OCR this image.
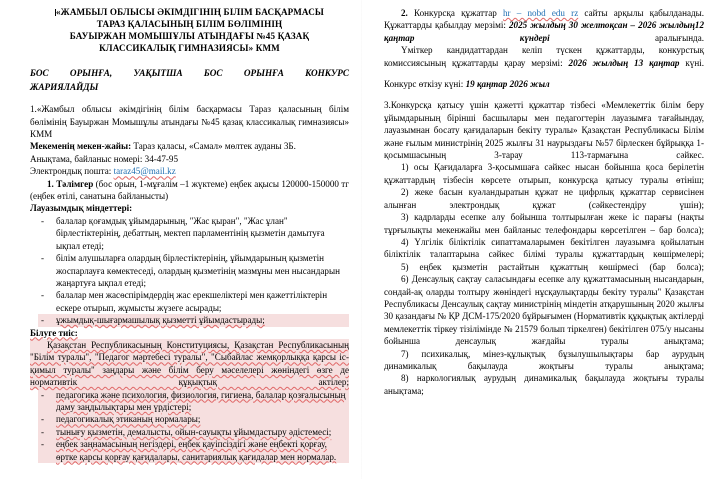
«ЖАМБЫЛ ОБЛЫСЫ ӘКІМДІГІНІҢ БІЛІМ БАСҚАРМАСЫ
ТАРАЗ ҚАЛАСЫНЫҢ БІЛІМ БӨЛІМІНІҢ
БАУЫРЖАН МОМЫШҰЛЫ АТЫНДАҒЫ №45 ҚАЗАҚ
КЛАССИКАЛЫҚ ГИМНАЗИЯСЫ» КММ
БОС ОРЫНҒА, УАҚЫТША БОС ОРЫНҒА КОНКУРС
ЖАРИЯЛАЙДЫ

1.«Жамбыл облысы әкімдігінің білім басқармасы Тараз қаласының білім бөлімінің Бауыржан Момышұлы атындағы №45 қазақ классикалық гимназиясы» КММ

Мекеменің мекен-жайы: Тараз қаласы, «Самал» мөлтек ауданы 3Б.

Анықтама, байланыс номері: 34-47-95

Электрондық пошта: taraz45@mail.kz

1. Тәлімгер (бос орын, 1-мұғалім –1 жүктеме) еңбек ақысы 120000-150000 тг (еңбек өтілі, санатына байланысты)

Лауазымдық міндеттері:

- балалар қоғамдық ұйымдарының, "Жас қыран", "Жас ұлан" бірлестіктерінің, дебаттың, мектеп парламентінің қызметін дамытуға ықпал етеді;
- білім алушыларға олардың бірлестіктерінің, ұйымдарының қызметін жоспарлауға көмектеседі, олардың қызметінің мазмұны мен нысандарын жаңартуға ықпал етеді;
- балалар мен жасөспірімдердің жас ерекшеліктері мен қажеттіліктерін ескере отырып, жұмысты жүзеге асырады;
- ұжымдық-шығармашылық қызметті ұйымдастырады;

Білуге тиіс:

Қазақстан Республикасының Конституциясы, Қазақстан Республикасының "Білім туралы", "Педагог мәртебесі туралы", "Сыбайлас жемқорлыққа қарсы іс-қимыл туралы" заңдары және білім беру мәселелері жөніндегі өзге де нормативтік құқықтық актілер;

- педагогика және психология, физиология, гигиена, балалар қозғалысының даму заңдылықтары мен үрдістері;
- педагогикалық этиканың нормалары;
- тынығу қызметін, демалысты, ойын-сауықты ұйымдастыру әдістемесі;
- еңбек заңнамасының негіздері, еңбек қауіпсіздігі және еңбекті қорғау, өртке қарсы қорғау қағидалары, санитариялық қағидалар мен нормалар.

2. Конкурсқа құжаттар hr – nobd edu rz сайты арқылы қабылданады. Құжаттарды қабылдау мерзімі: 2025 жылдың 30 желтоқсан – 2026 жылдың12 қаңтар күндері аралығында.

Үміткер кандидаттардан келіп түскен құжаттарды, конкурстық комиссиясының құжаттарды қарау мерзімі: 2026 жылдың 13 қаңтар күні.

Конкурс өткізу күні: 19 қаңтар 2026 жыл

3.Конкурсқа қатысу үшін қажетті құжаттар тізбесі «Мемлекеттік білім беру ұйымдарының бірінші басшылары мен педагогтерін лауазымға тағайындау, лауазымнан босату қағидаларын бекіту туралы» Қазақстан Республикасы Білім және ғылым министрінің 2025 жылғы 31 наурыздағы №57 бірлескен бұйрыққа 1-қосымшасының 3-тарау 113-тармағына сәйкес.

1) осы Қағидаларға 3-қосымшаға сәйкес нысан бойынша қоса берілетін құжаттардың тізбесін көрсете отырып, конкурсқа қатысу туралы өтініш;

2) жеке басын куәландыратын құжат не цифрлық құжаттар сервисінен алынған электрондық құжат (сәйкестендіру үшін);

3) кадрларды есепке алу бойынша толтырылған жеке іс парағы (нақты тұрғылықты мекенжайы мен байланыс телефондары көрсетілген – бар болса);

4) Үлгілік біліктілік сипаттамаларымен бекітілген лауазымға қойылатын біліктілік талаптарына сәйкес білімі туралы құжаттардың көшірмелері;

5) еңбек қызметін растайтын құжаттың көшірмесі (бар болса);

6) Денсаулық сақтау саласындағы есепке алу құжаттамасының нысандарын, сондай-ақ оларды толтыру жөніндегі нұсқаулықтарды бекіту туралы" Қазақстан Республикасы Денсаулық сақтау министрінің міндетін атқарушының 2020 жылғы 30 қазандағы № ҚР ДСМ-175/2020 бұйрығымен (Нормативтік құқықтық актілерді мемлекеттік тіркеу тізілімінде № 21579 болып тіркелген) бекітілген 075/у нысаны бойынша денсаулық жағдайы туралы анықтама;

7) психикалық, мінез-құлықтық бұзылушылықтары бар аурудың динамикалық бақылауда жоқтығы туралы анықтама;

8) наркологиялық аурудың динамикалық бақылауда жоқтығы туралы анықтама;
